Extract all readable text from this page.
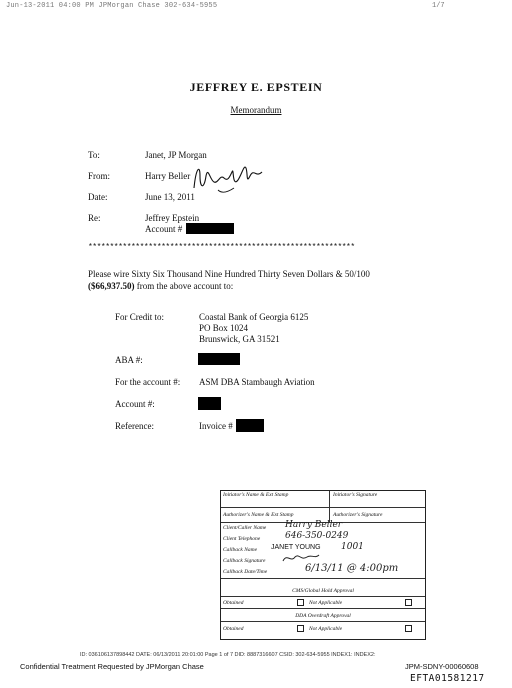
Jun-13-2011 04:00 PM JPMorgan Chase 302-634-5955	1/7
JEFFREY E. EPSTEIN
Memorandum
To:	Janet, JP Morgan
From:	Harry Beller
Date:	June 13, 2011
Re:	Jeffrey Epstein
Account #
**************************************************************
Please wire Sixty Six Thousand Nine Hundred Thirty Seven Dollars & 50/100
($66,937.50) from the above account to:
For Credit to:	Coastal Bank of Georgia 6125
PO Box 1024
Brunswick, GA 31521
ABA #:
For the account #: ASM DBA Stambaugh Aviation
Account #:
Reference:	Invoice #
Initiator's Name & Ext Stamp	Initiator's Signature
Authorizer's Name & Ext Stamp	Authorizer's Signature
Client/Caller Name Harry Beller
Client Telephone	646-350-0249
Callback Name JANET YOUNG 1001
Callback Signature
Callback Date/Time	6/13/11 @ 4:00pm
CMS/Global Hold Approval
Obtained	Not Applicable
DDA Overdraft Approval
Obtained	Not Applicable
ID: 036106137898442 DATE: 06/13/2011 20:01:00 Page 1 of 7 DID: 8887316607 CSID: 302-634-5955 INDEX1: INDEX2:
Confidential Treatment Requested by JPMorgan Chase	JPM-SDNY-00060608
EFTA01581217
